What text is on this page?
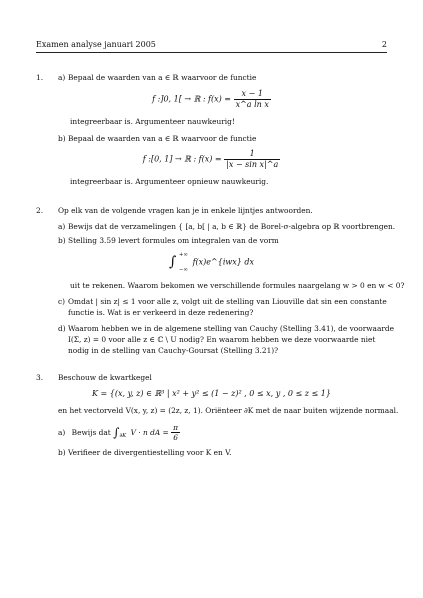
Examen analyse januari 2005	2
1. a) Bepaal de waarden van a ∈ ℝ waarvoor de functie
f :]0, 1[ → ℝ : $f(x) = \frac{x - 1}{\text{x\textasciicircum{}a ln x}}$
integreerbaar is. Argumenteer nauwkeurig!
b) Bepaal de waarden van a ∈ ℝ waarvoor de functie
f :[0, 1] → ℝ : $f(x) = \frac{1}{\text{|x − sin x|\textasciicircum{}a}}$
integreerbaar is. Argumenteer opnieuw nauwkeurig.
2. Op elk van de volgende vragen kan je in enkele lijntjes antwoorden.
a) Bewijs dat de verzamelingen { [a, b[ | a, b ∈ ℝ} de Borel-σ-algebra op ℝ voortbrengen.
b) Stelling 3.59 levert formules om integralen van de vorm
∫ +∞
−∞
f(x)e^{iwx} dx
uit te rekenen. Waarom bekomen we verschillende formules naargelang w > 0 en w < 0?
c) Omdat | sin z| ≤ 1 voor alle z, volgt uit de stelling van Liouville dat sin een constante
functie is. Wat is er verkeerd in deze redenering?
d) Waarom hebben we in de algemene stelling van Cauchy (Stelling 3.41), de voorwaarde
I(Σ, z) = 0 voor alle z ∈ ℂ \ U nodig? En waarom hebben we deze voorwaarde niet
nodig in de stelling van Cauchy-Goursat (Stelling 3.21)?
3. Beschouw de kwartkegel
K = {(x, y, z) ∈ ℝ³ | x² + y² ≤ (1 − z)² , 0 ≤ x, y , 0 ≤ z ≤ 1}
en het vectorveld V(x, y, z) = (2z, z, 1). Oriënteer ∂K met de naar buiten wijzende normaal.
a) Bewijs dat $\int_{\partial K}$ V · n dA = $\frac{\pi}{6}$
b) Verifieer de divergentiestelling voor K en V.
